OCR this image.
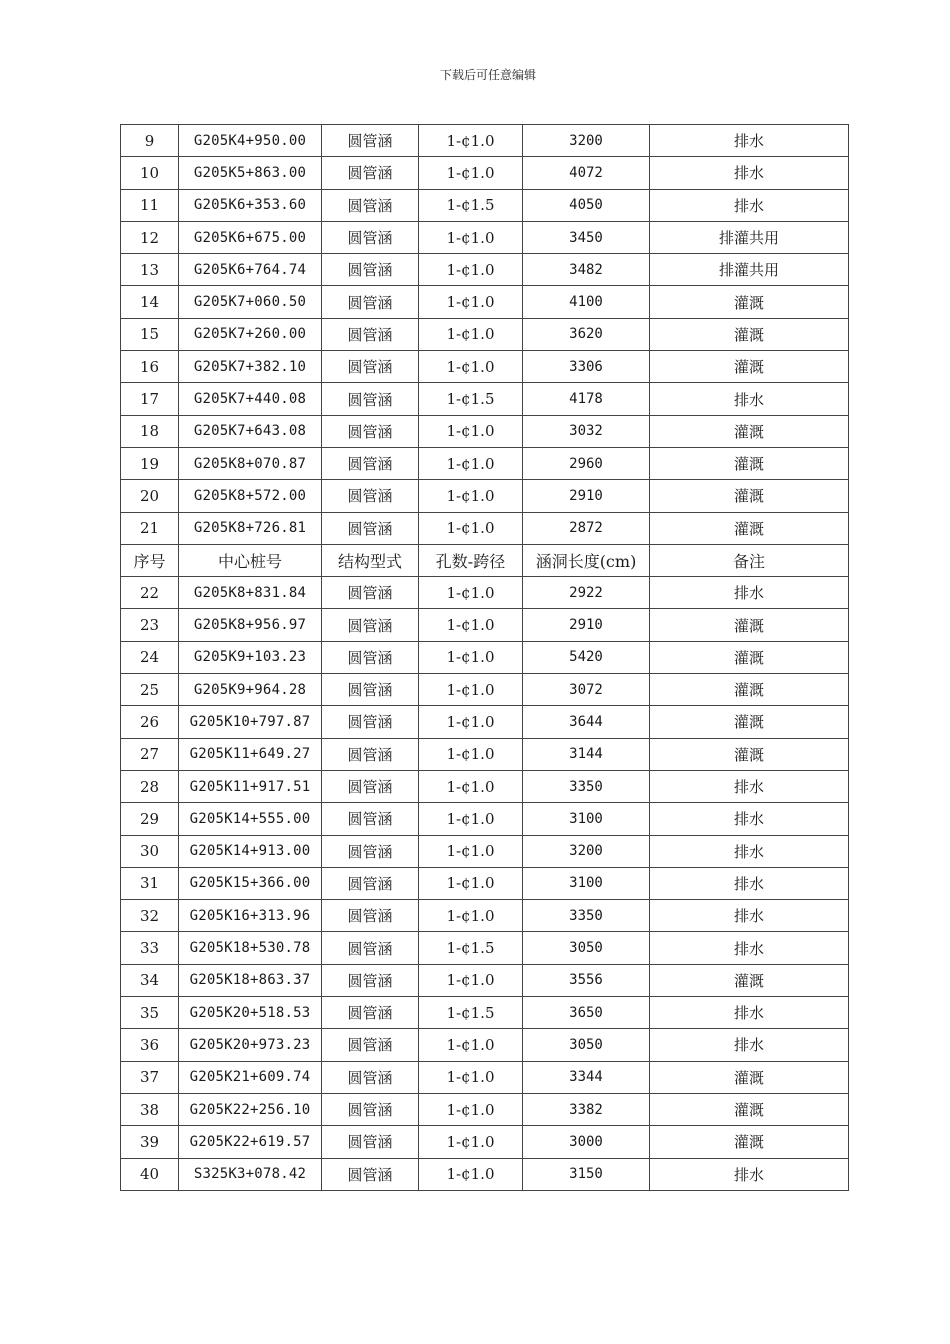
下载后可任意编辑
9	G205K4+950.00	圆管涵	1-¢1.0	3200	排水
10	G205K5+863.00	圆管涵	1-¢1.0	4072	排水
11	G205K6+353.60	圆管涵	1-¢1.5	4050	排水
12	G205K6+675.00	圆管涵	1-¢1.0	3450	排灌共用
13	G205K6+764.74	圆管涵	1-¢1.0	3482	排灌共用
14	G205K7+060.50	圆管涵	1-¢1.0	4100	灌溉
15	G205K7+260.00	圆管涵	1-¢1.0	3620	灌溉
16	G205K7+382.10	圆管涵	1-¢1.0	3306	灌溉
17	G205K7+440.08	圆管涵	1-¢1.5	4178	排水
18	G205K7+643.08	圆管涵	1-¢1.0	3032	灌溉
19	G205K8+070.87	圆管涵	1-¢1.0	2960	灌溉
20	G205K8+572.00	圆管涵	1-¢1.0	2910	灌溉
21	G205K8+726.81	圆管涵	1-¢1.0	2872	灌溉
序号	中心桩号	结构型式	孔数-跨径	涵洞长度(cm)	备注
22	G205K8+831.84	圆管涵	1-¢1.0	2922	排水
23	G205K8+956.97	圆管涵	1-¢1.0	2910	灌溉
24	G205K9+103.23	圆管涵	1-¢1.0	5420	灌溉
25	G205K9+964.28	圆管涵	1-¢1.0	3072	灌溉
26	G205K10+797.87	圆管涵	1-¢1.0	3644	灌溉
27	G205K11+649.27	圆管涵	1-¢1.0	3144	灌溉
28	G205K11+917.51	圆管涵	1-¢1.0	3350	排水
29	G205K14+555.00	圆管涵	1-¢1.0	3100	排水
30	G205K14+913.00	圆管涵	1-¢1.0	3200	排水
31	G205K15+366.00	圆管涵	1-¢1.0	3100	排水
32	G205K16+313.96	圆管涵	1-¢1.0	3350	排水
33	G205K18+530.78	圆管涵	1-¢1.5	3050	排水
34	G205K18+863.37	圆管涵	1-¢1.0	3556	灌溉
35	G205K20+518.53	圆管涵	1-¢1.5	3650	排水
36	G205K20+973.23	圆管涵	1-¢1.0	3050	排水
37	G205K21+609.74	圆管涵	1-¢1.0	3344	灌溉
38	G205K22+256.10	圆管涵	1-¢1.0	3382	灌溉
39	G205K22+619.57	圆管涵	1-¢1.0	3000	灌溉
40	S325K3+078.42	圆管涵	1-¢1.0	3150	排水
